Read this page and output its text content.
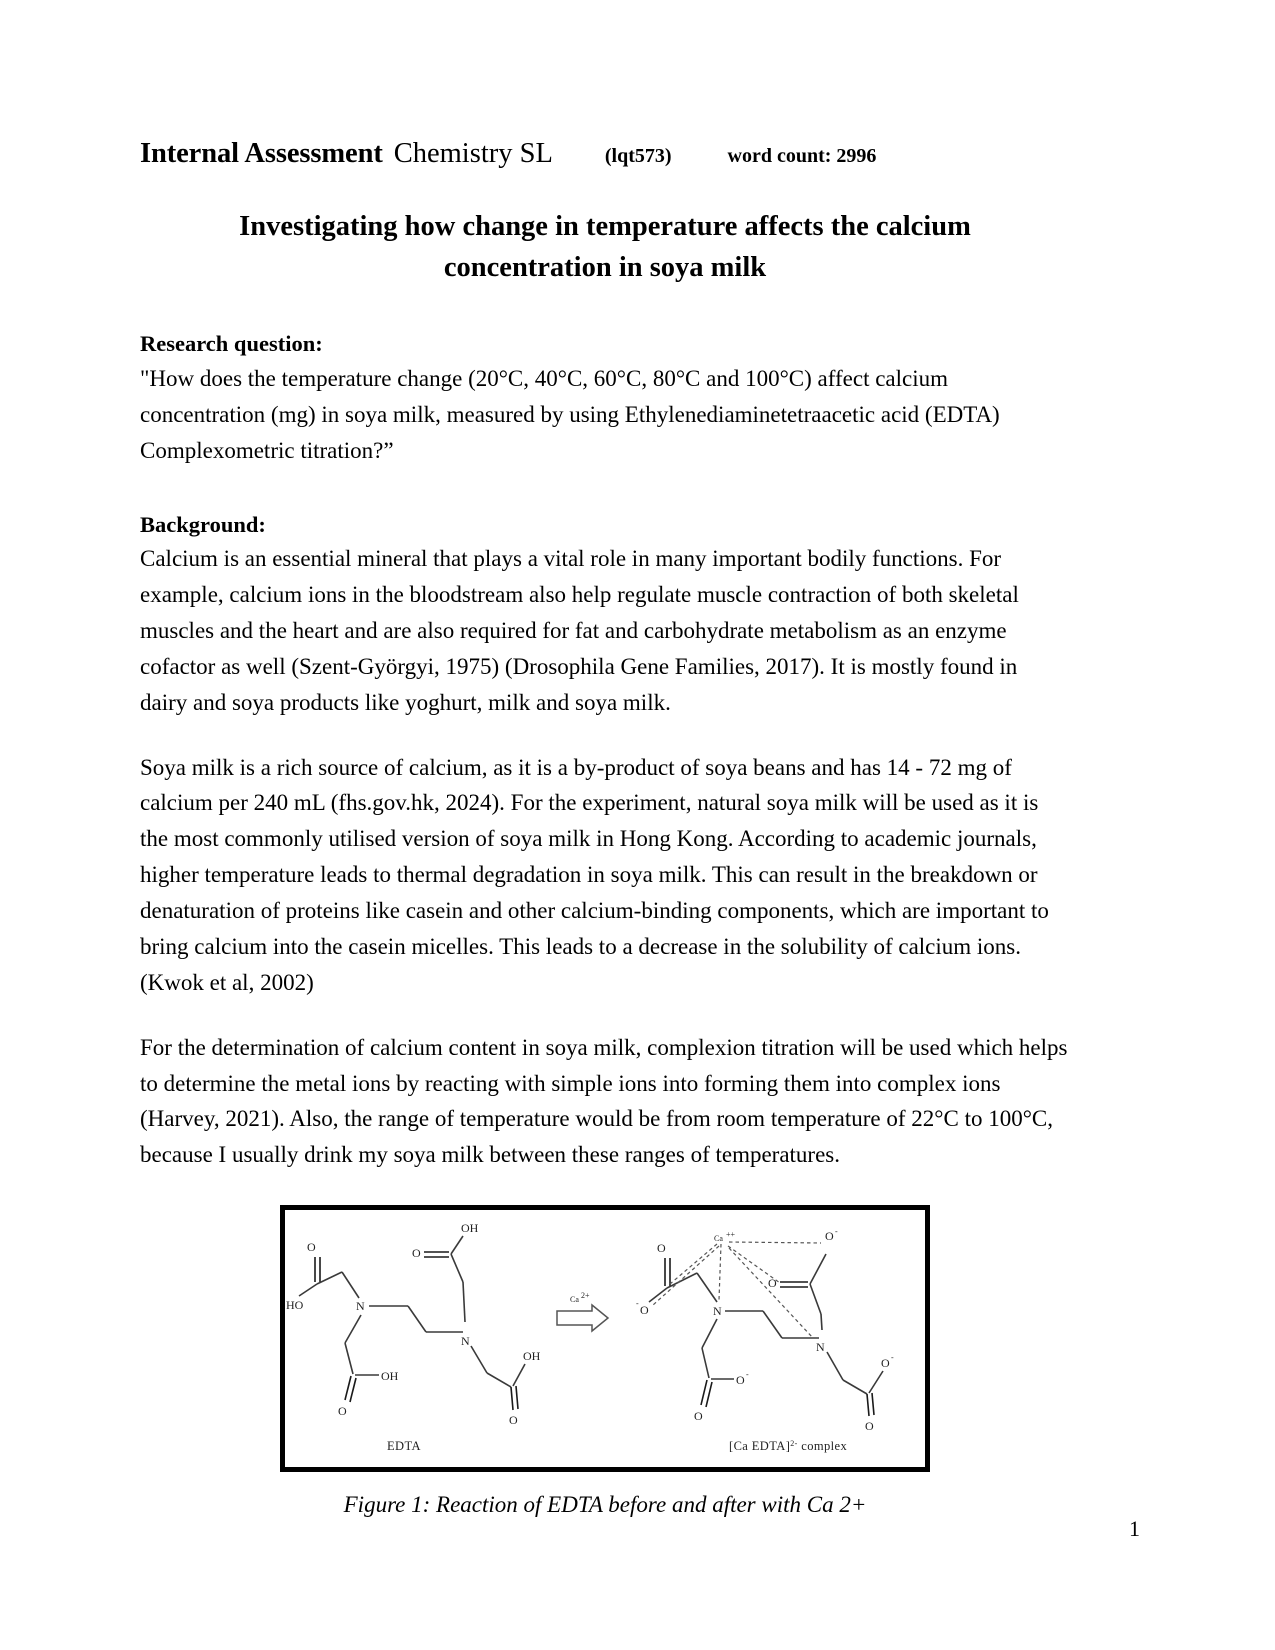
Internal Assessment Chemistry SL	(lqt573)	word count: 2996
Investigating how change in temperature affects the calcium concentration in soya milk
Research question:
"How does the temperature change (20°C, 40°C, 60°C, 80°C and 100°C) affect calcium concentration (mg) in soya milk, measured by using Ethylenediaminetetraacetic acid (EDTA) Complexometric titration?”
Background:
Calcium is an essential mineral that plays a vital role in many important bodily functions. For example, calcium ions in the bloodstream also help regulate muscle contraction of both skeletal muscles and the heart and are also required for fat and carbohydrate metabolism as an enzyme cofactor as well (Szent-Györgyi, 1975) (Drosophila Gene Families, 2017). It is mostly found in dairy and soya products like yoghurt, milk and soya milk.
Soya milk is a rich source of calcium, as it is a by-product of soya beans and has 14 - 72 mg of calcium per 240 mL (fhs.gov.hk, 2024). For the experiment, natural soya milk will be used as it is the most commonly utilised version of soya milk in Hong Kong. According to academic journals, higher temperature leads to thermal degradation in soya milk. This can result in the breakdown or denaturation of proteins like casein and other calcium-binding components, which are important to bring calcium into the casein micelles. This leads to a decrease in the solubility of calcium ions. (Kwok et al, 2002)
For the determination of calcium content in soya milk, complexion titration will be used which helps to determine the metal ions by reacting with simple ions into forming them into complex ions (Harvey, 2021). Also, the range of temperature would be from room temperature of 22°C to 100°C, because I usually drink my soya milk between these ranges of temperatures.
O
HO	N
N
O
OH
O
OH
O
OH
EDTA
Ca 2+
Ca ++
O
O
-
N
N
O -
O
O
O -
O
O -
[Ca EDTA]$^{2-}$ complex
Figure 1: Reaction of EDTA before and after with Ca 2+
1
